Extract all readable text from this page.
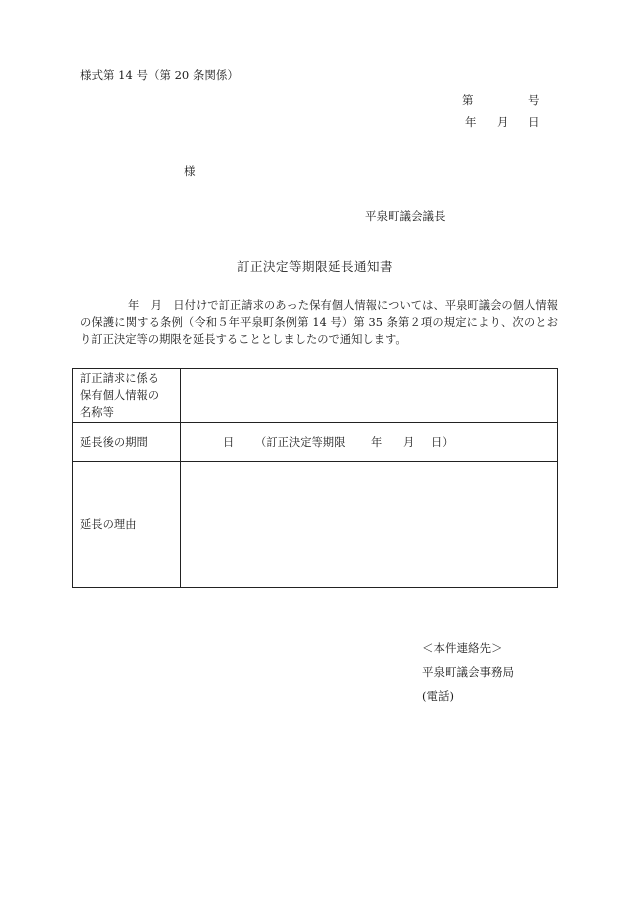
様式第 14 号（第 20 条関係）
第	号
年 月 日
様
平泉町議会議長
訂正決定等期限延長通知書
年　月　日付けで訂正請求のあった保有個人情報については、平泉町議会の個人情報の保護に関する条例（令和５年平泉町条例第 14 号）第 35 条第２項の規定により、次のとおり訂正決定等の期限を延長することとしましたので通知します。
訂正請求に係る
保有個人情報の
名称等	

延長後の期間	日 （訂正決定等期限 年 月 日）

延長の理由	
＜本件連絡先＞
平泉町議会事務局
(電話)
